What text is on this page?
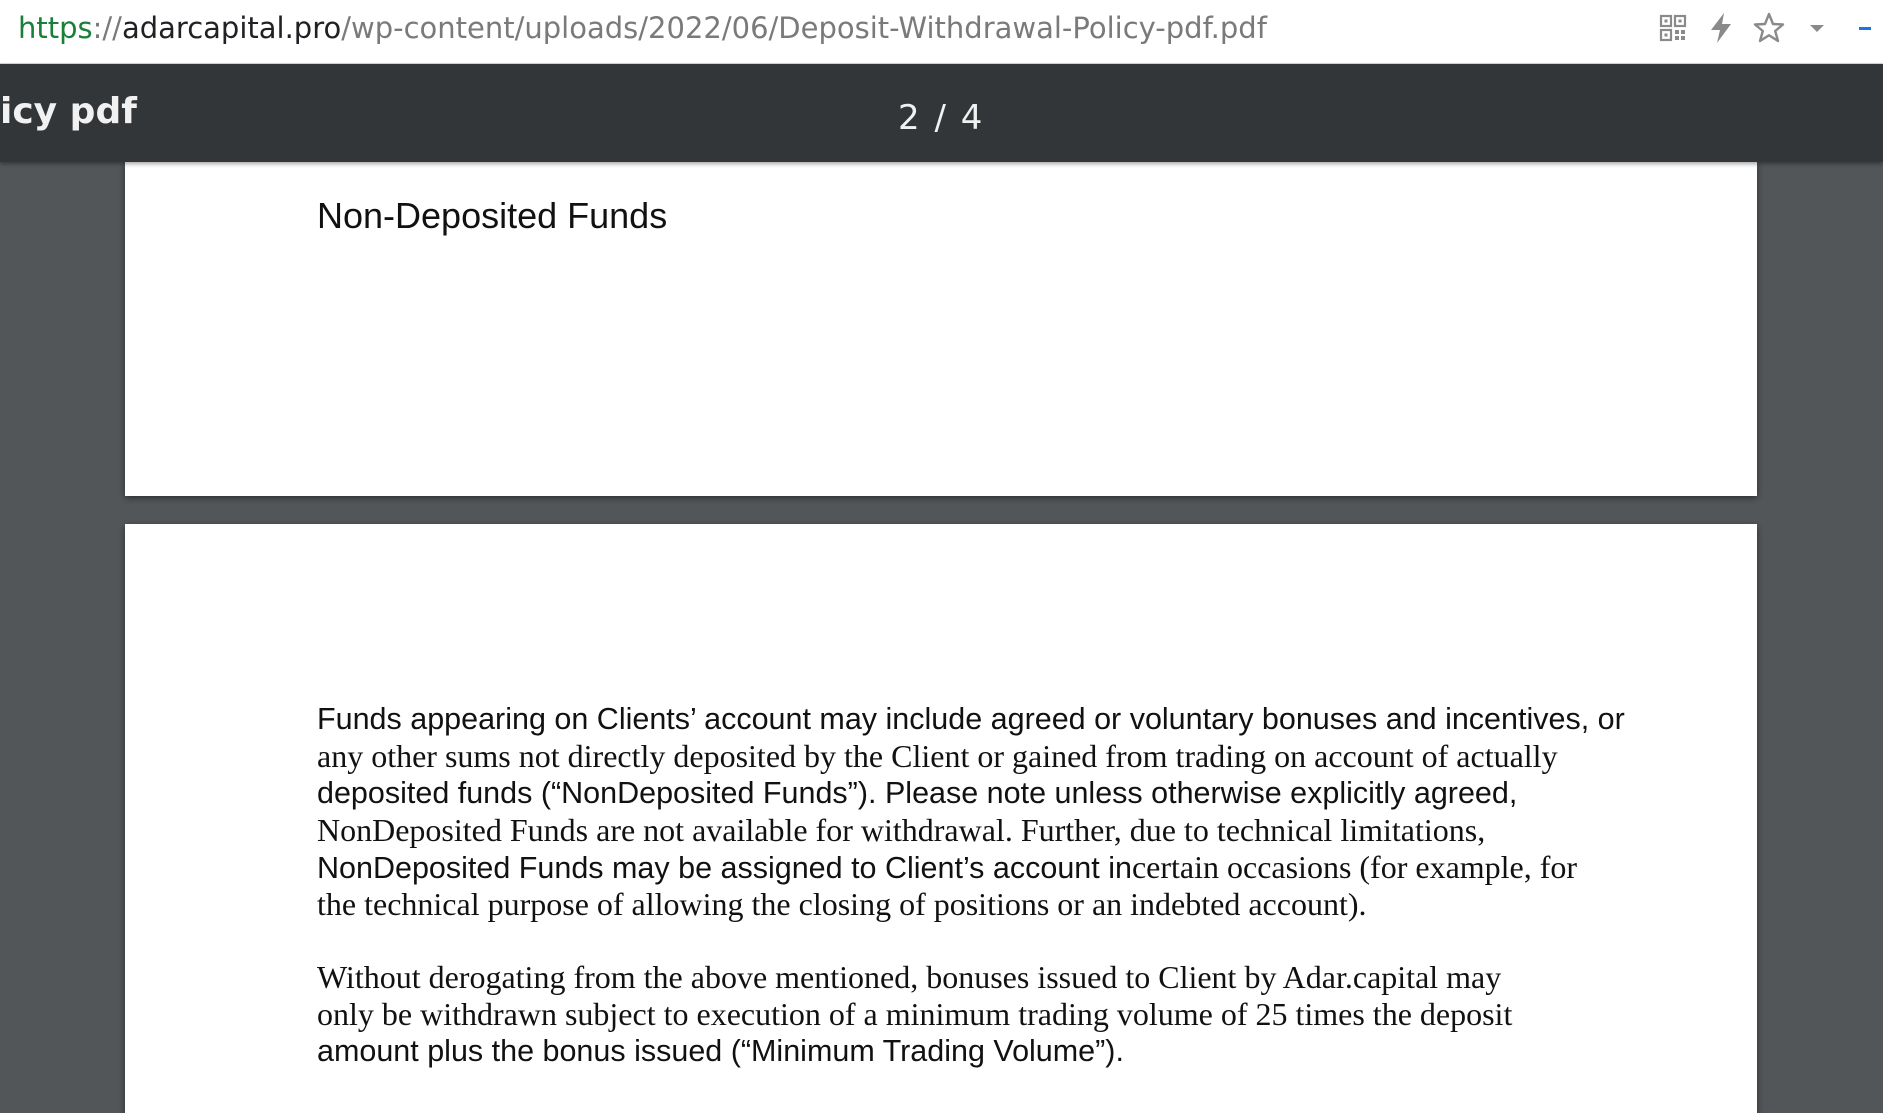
https://adarcapital.pro/wp-content/uploads/2022/06/Deposit-Withdrawal-Policy-pdf.pdf
icy pdf	2 / 4
Non-Deposited Funds
Funds appearing on Clients’ account may include agreed or voluntary bonuses and incentives, or
any other sums not directly deposited by the Client or gained from trading on account of actually
deposited funds (“NonDeposited Funds”). Please note unless otherwise explicitly agreed,
NonDeposited Funds are not available for withdrawal. Further, due to technical limitations,
NonDeposited Funds may be assigned to Client’s account incertain occasions (for example, for
the technical purpose of allowing the closing of positions or an indebted account).
Without derogating from the above mentioned, bonuses issued to Client by Adar.capital may
only be withdrawn subject to execution of a minimum trading volume of 25 times the deposit
amount plus the bonus issued (“Minimum Trading Volume”).
